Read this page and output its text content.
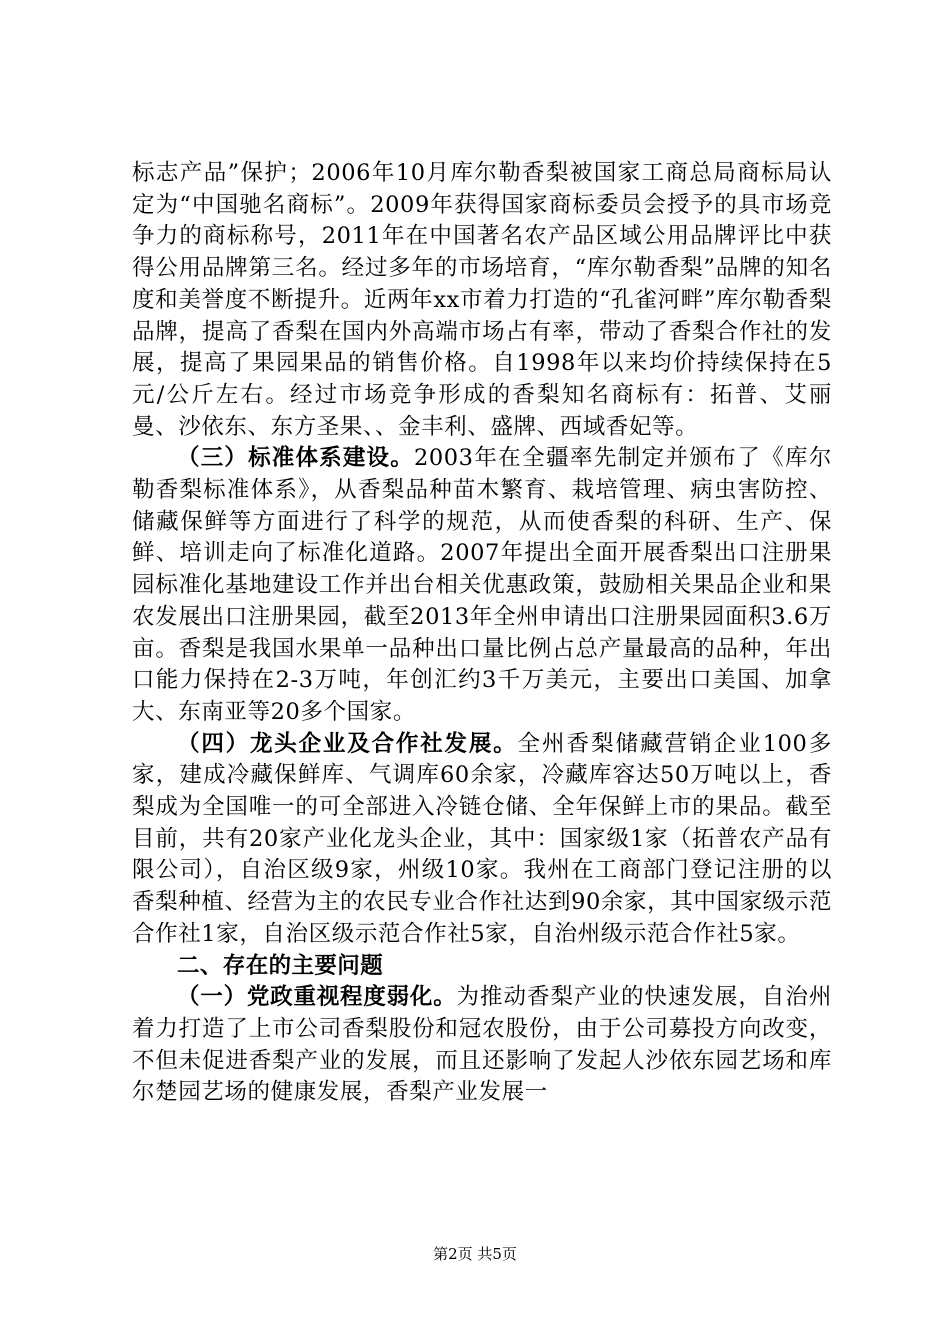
标志产品”保护；2006年10月库尔勒香梨被国家工商总局商标局认定为“中国驰名商标”。2009年获得国家商标委员会授予的具市场竞争力的商标称号，2011年在中国著名农产品区域公用品牌评比中获得公用品牌第三名。经过多年的市场培育，“库尔勒香梨”品牌的知名度和美誉度不断提升。近两年xx市着力打造的“孔雀河畔”库尔勒香梨品牌，提高了香梨在国内外高端市场占有率，带动了香梨合作社的发展，提高了果园果品的销售价格。自1998年以来均价持续保持在5元/公斤左右。经过市场竞争形成的香梨知名商标有：拓普、艾丽曼、沙依东、东方圣果、、金丰利、盛牌、西域香妃等。

（三）标准体系建设。2003年在全疆率先制定并颁布了《库尔勒香梨标准体系》，从香梨品种苗木繁育、栽培管理、病虫害防控、储藏保鲜等方面进行了科学的规范，从而使香梨的科研、生产、保鲜、培训走向了标准化道路。2007年提出全面开展香梨出口注册果园标准化基地建设工作并出台相关优惠政策，鼓励相关果品企业和果农发展出口注册果园，截至2013年全州申请出口注册果园面积3.6万亩。香梨是我国水果单一品种出口量比例占总产量最高的品种，年出口能力保持在2-3万吨，年创汇约3千万美元，主要出口美国、加拿大、东南亚等20多个国家。

（四）龙头企业及合作社发展。全州香梨储藏营销企业100多家，建成冷藏保鲜库、气调库60余家，冷藏库容达50万吨以上，香梨成为全国唯一的可全部进入冷链仓储、全年保鲜上市的果品。截至目前，共有20家产业化龙头企业，其中：国家级1家（拓普农产品有限公司），自治区级9家，州级10家。我州在工商部门登记注册的以香梨种植、经营为主的农民专业合作社达到90余家，其中国家级示范合作社1家，自治区级示范合作社5家，自治州级示范合作社5家。

二、存在的主要问题

（一）党政重视程度弱化。为推动香梨产业的快速发展，自治州着力打造了上市公司香梨股份和冠农股份，由于公司募投方向改变，不但未促进香梨产业的发展，而且还影响了发起人沙依东园艺场和库尔楚园艺场的健康发展，香梨产业发展一

第2页 共5页
